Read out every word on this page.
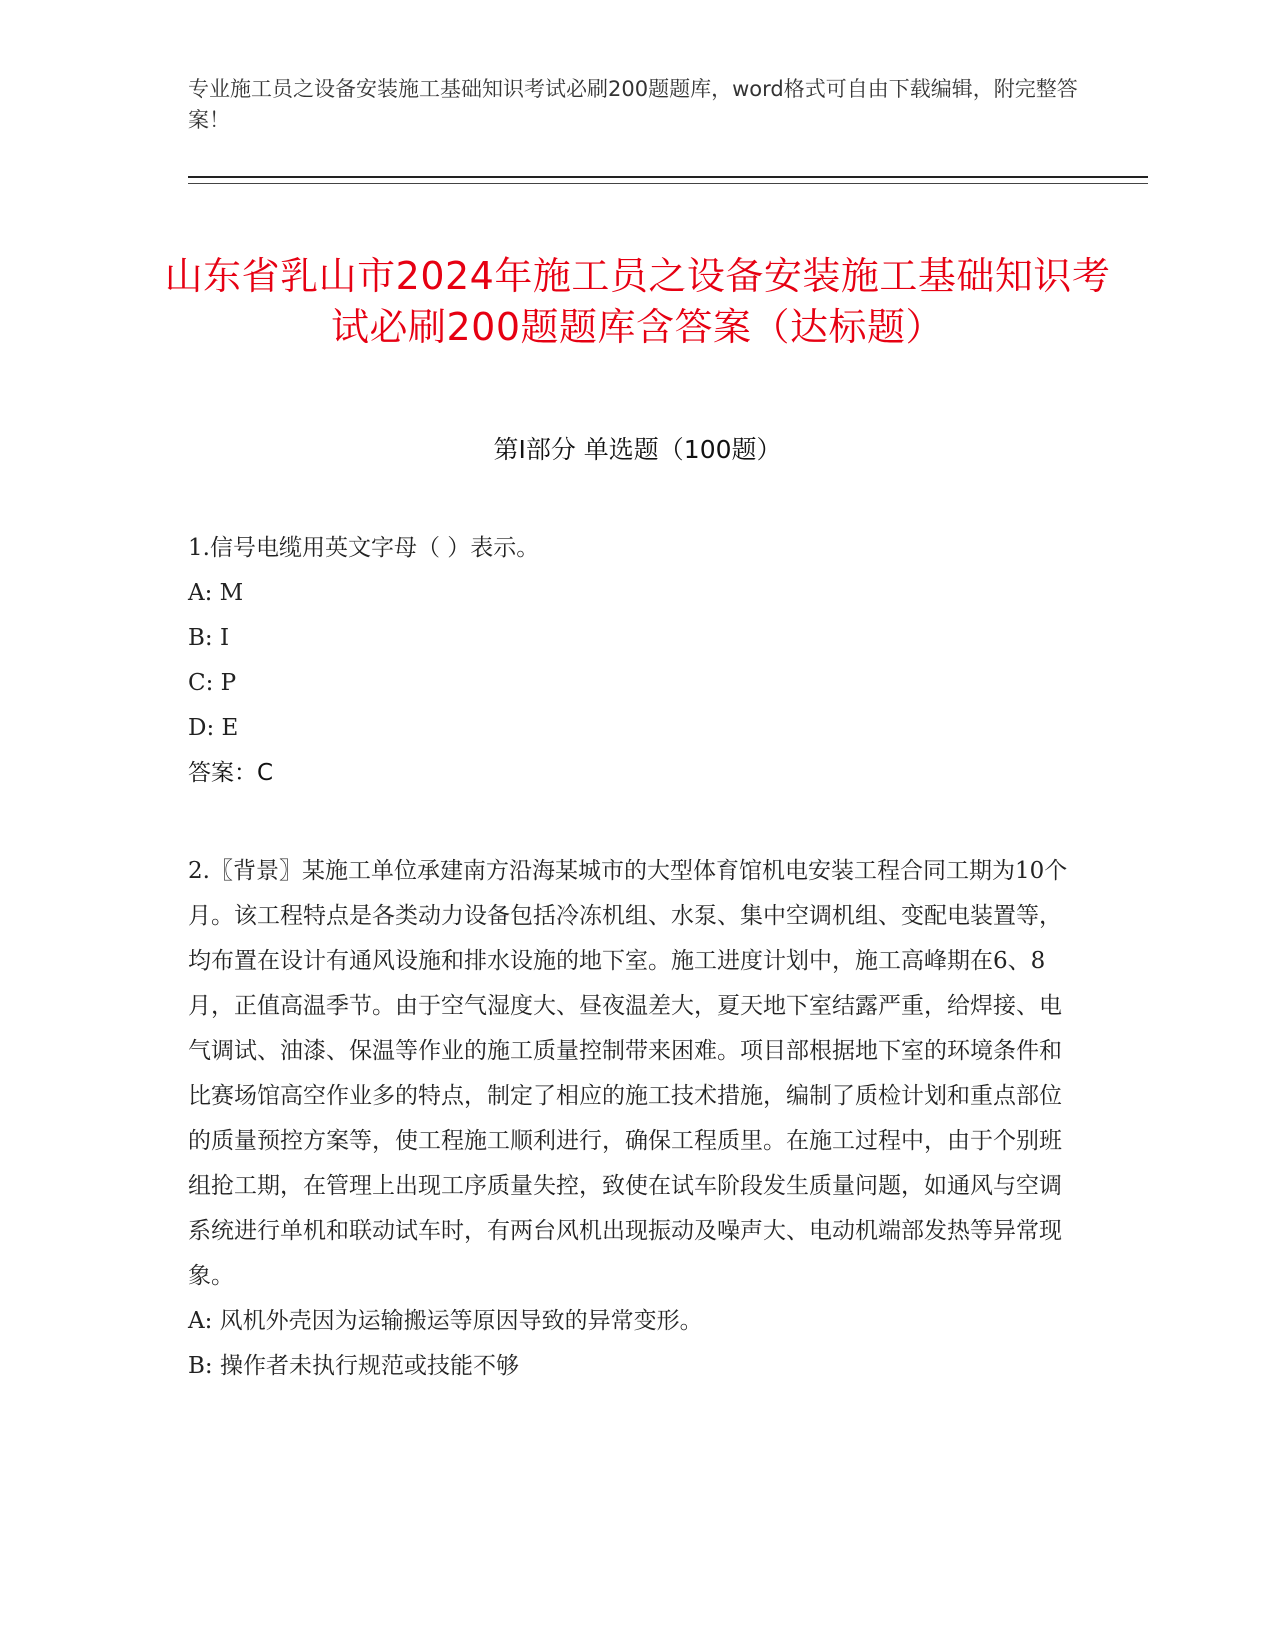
专业施工员之设备安装施工基础知识考试必刷200题题库，word格式可自由下载编辑，附完整答案！
山东省乳山市2024年施工员之设备安装施工基础知识考试必刷200题题库含答案（达标题）
第Ⅰ部分 单选题（100题）

1.信号电缆用英文字母（ ）表示。

A: M

B: I

C: P

D: E

答案：C

2.〖背景〗某施工单位承建南方沿海某城市的大型体育馆机电安装工程合同工期为10个月。该工程特点是各类动力设备包括冷冻机组、水泵、集中空调机组、变配电装置等，均布置在设计有通风设施和排水设施的地下室。施工进度计划中，施工高峰期在6、8月，正值高温季节。由于空气湿度大、昼夜温差大，夏天地下室结露严重，给焊接、电气调试、油漆、保温等作业的施工质量控制带来困难。项目部根据地下室的环境条件和比赛场馆高空作业多的特点，制定了相应的施工技术措施，编制了质检计划和重点部位的质量预控方案等，使工程施工顺利进行，确保工程质里。在施工过程中，由于个别班组抢工期，在管理上出现工序质量失控，致使在试车阶段发生质量问题，如通风与空调系统进行单机和联动试车时，有两台风机出现振动及噪声大、电动机端部发热等异常现象。

A: 风机外壳因为运输搬运等原因导致的异常变形。

B: 操作者未执行规范或技能不够
